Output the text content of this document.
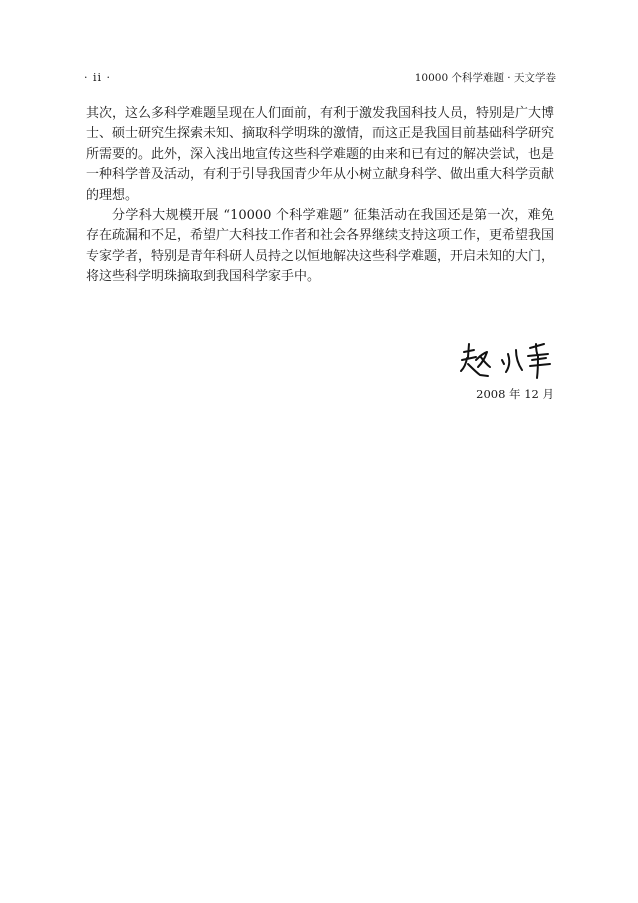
· ii ·	10000 个科学难题 · 天文学卷

其次，这么多科学难题呈现在人们面前，有利于激发我国科技人员，特别是广大博士、硕士研究生探索未知、摘取科学明珠的激情，而这正是我国目前基础科学研究所需要的。此外，深入浅出地宣传这些科学难题的由来和已有过的解决尝试，也是一种科学普及活动，有利于引导我国青少年从小树立献身科学、做出重大科学贡献的理想。

分学科大规模开展 “10000 个科学难题” 征集活动在我国还是第一次，难免存在疏漏和不足，希望广大科技工作者和社会各界继续支持这项工作，更希望我国专家学者，特别是青年科研人员持之以恒地解决这些科学难题，开启未知的大门，将这些科学明珠摘取到我国科学家手中。

2008 年 12 月
